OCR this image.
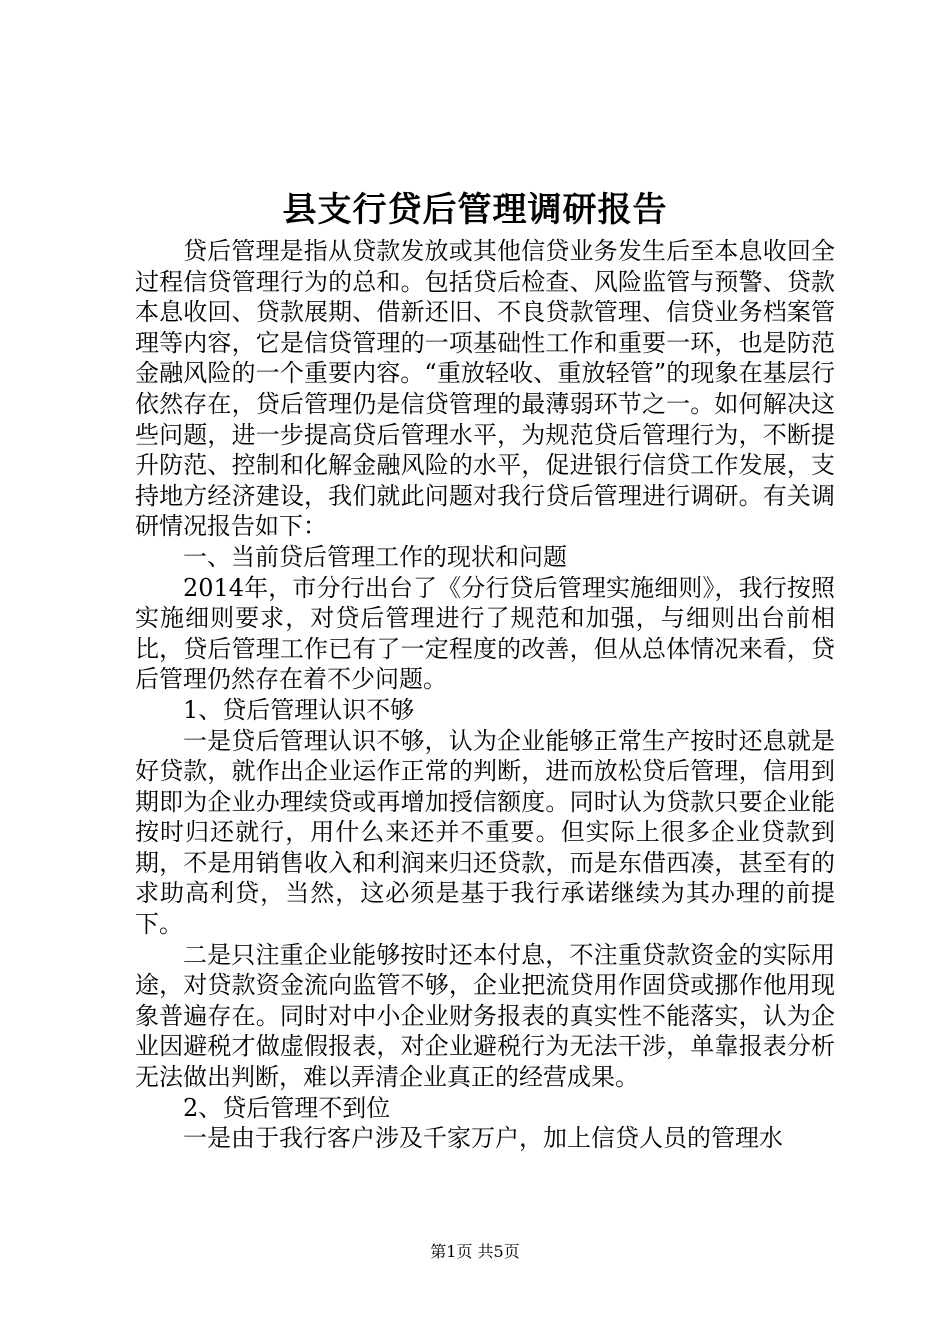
县支行贷后管理调研报告

贷后管理是指从贷款发放或其他信贷业务发生后至本息收回全过程信贷管理行为的总和。包括贷后检查、风险监管与预警、贷款本息收回、贷款展期、借新还旧、不良贷款管理、信贷业务档案管理等内容，它是信贷管理的一项基础性工作和重要一环，也是防范金融风险的一个重要内容。“重放轻收、重放轻管”的现象在基层行依然存在，贷后管理仍是信贷管理的最薄弱环节之一。如何解决这些问题，进一步提高贷后管理水平，为规范贷后管理行为，不断提升防范、控制和化解金融风险的水平，促进银行信贷工作发展，支持地方经济建设，我们就此问题对我行贷后管理进行调研。有关调研情况报告如下：

一、当前贷后管理工作的现状和问题

2014年，市分行出台了《分行贷后管理实施细则》，我行按照实施细则要求，对贷后管理进行了规范和加强，与细则出台前相比，贷后管理工作已有了一定程度的改善，但从总体情况来看，贷后管理仍然存在着不少问题。

1、贷后管理认识不够

一是贷后管理认识不够，认为企业能够正常生产按时还息就是好贷款，就作出企业运作正常的判断，进而放松贷后管理，信用到期即为企业办理续贷或再增加授信额度。同时认为贷款只要企业能按时归还就行，用什么来还并不重要。但实际上很多企业贷款到期，不是用销售收入和利润来归还贷款，而是东借西凑，甚至有的求助高利贷，当然，这必须是基于我行承诺继续为其办理的前提下。

二是只注重企业能够按时还本付息，不注重贷款资金的实际用途，对贷款资金流向监管不够，企业把流贷用作固贷或挪作他用现象普遍存在。同时对中小企业财务报表的真实性不能落实，认为企业因避税才做虚假报表，对企业避税行为无法干涉，单靠报表分析无法做出判断，难以弄清企业真正的经营成果。

2、贷后管理不到位

一是由于我行客户涉及千家万户，加上信贷人员的管理水

第1页 共5页
